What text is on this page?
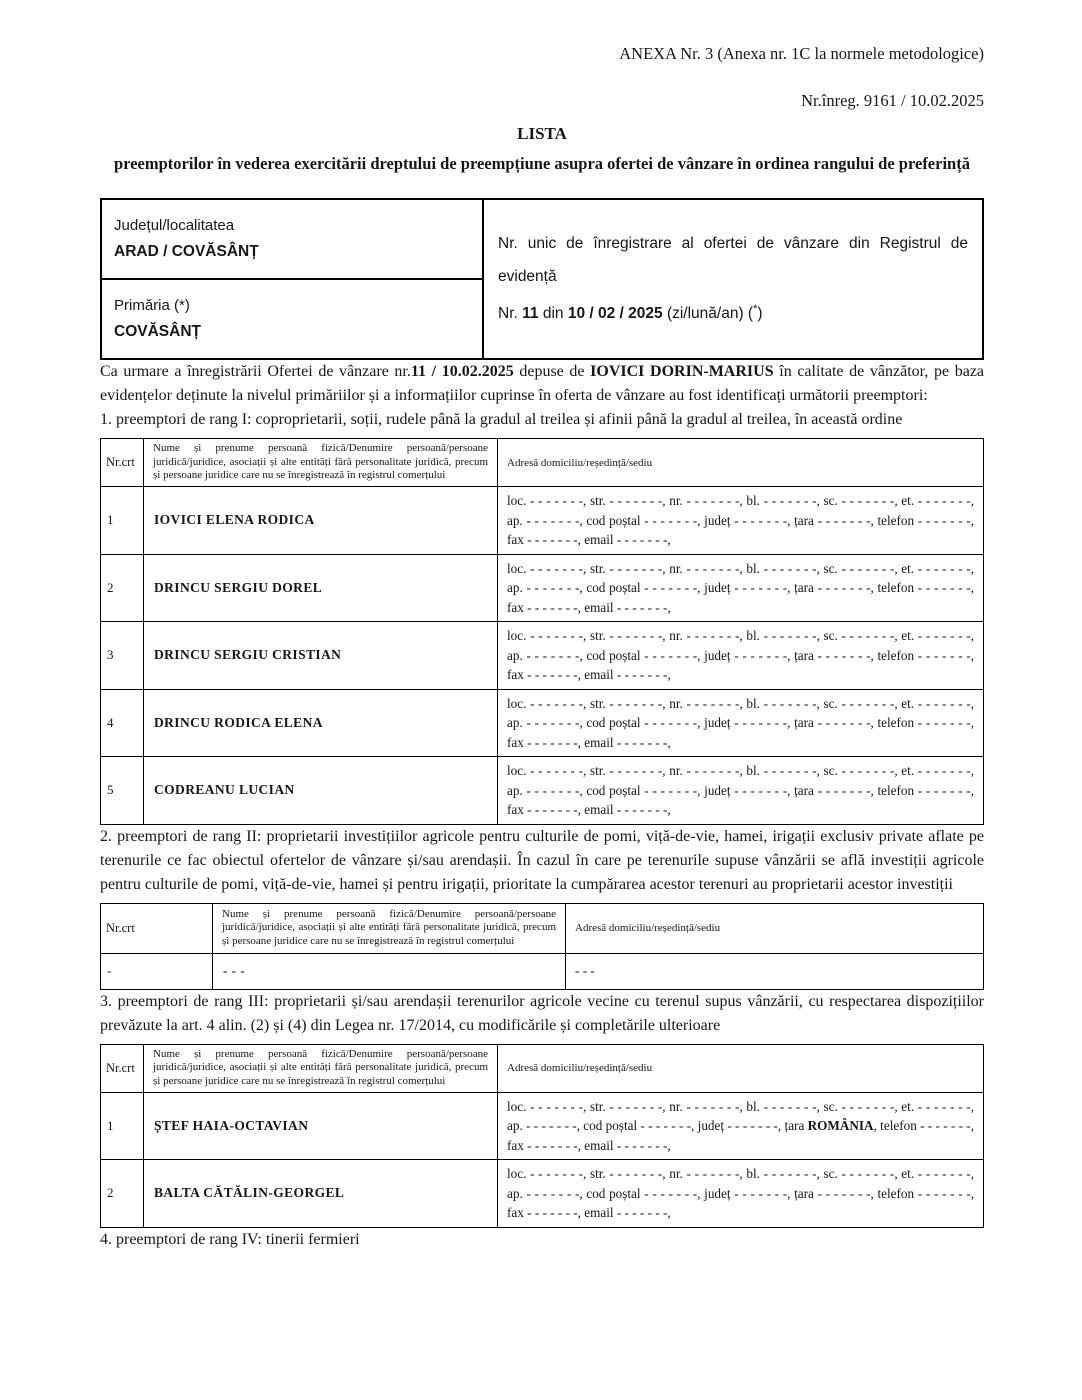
ANEXA Nr. 3 (Anexa nr. 1C la normele metodologice)
Nr.înreg. 9161 / 10.02.2025
LISTA
preemptorilor în vederea exercitării dreptului de preempțiune asupra ofertei de vânzare în ordinea rangului de preferință
Județul/localitatea
ARAD / COVĂSÂNȚ	Nr. unic de înregistrare al ofertei de vânzare din Registrul de evidență
Nr. 11 din 10 / 02 / 2025 (zi/lună/an) (*)

Primăria (*)
COVĂSÂNȚ

Ca urmare a înregistrării Ofertei de vânzare nr.11 / 10.02.2025 depuse de IOVICI DORIN-MARIUS în calitate de vânzător, pe baza evidențelor deținute la nivelul primăriilor și a informațiilor cuprinse în oferta de vânzare au fost identificați următorii preemptori:

1. preemptori de rang I: coproprietarii, soții, rudele până la gradul al treilea și afinii până la gradul al treilea, în această ordine

Nr.crt	Nume și prenume persoană fizică/Denumire persoană/persoane juridică/juridice, asociații și alte entități fără personalitate juridică, precum și persoane juridice care nu se înregistrează în registrul comerțului	Adresă domiciliu/reședință/sediu
1	IOVICI ELENA RODICA	loc. - - - - - - -, str. - - - - - - -, nr. - - - - - - -, bl. - - - - - - -, sc. - - - - - - -, et. - - - - - - -, ap. - - - - - - -, cod poștal - - - - - - -, județ - - - - - - -, țara - - - - - - -, telefon - - - - - - -, fax - - - - - - -, email - - - - - - -,
2	DRINCU SERGIU DOREL	loc. - - - - - - -, str. - - - - - - -, nr. - - - - - - -, bl. - - - - - - -, sc. - - - - - - -, et. - - - - - - -, ap. - - - - - - -, cod poștal - - - - - - -, județ - - - - - - -, țara - - - - - - -, telefon - - - - - - -, fax - - - - - - -, email - - - - - - -,
3	DRINCU SERGIU CRISTIAN	loc. - - - - - - -, str. - - - - - - -, nr. - - - - - - -, bl. - - - - - - -, sc. - - - - - - -, et. - - - - - - -, ap. - - - - - - -, cod poștal - - - - - - -, județ - - - - - - -, țara - - - - - - -, telefon - - - - - - -, fax - - - - - - -, email - - - - - - -,
4	DRINCU RODICA ELENA	loc. - - - - - - -, str. - - - - - - -, nr. - - - - - - -, bl. - - - - - - -, sc. - - - - - - -, et. - - - - - - -, ap. - - - - - - -, cod poștal - - - - - - -, județ - - - - - - -, țara - - - - - - -, telefon - - - - - - -, fax - - - - - - -, email - - - - - - -,
5	CODREANU LUCIAN	loc. - - - - - - -, str. - - - - - - -, nr. - - - - - - -, bl. - - - - - - -, sc. - - - - - - -, et. - - - - - - -, ap. - - - - - - -, cod poștal - - - - - - -, județ - - - - - - -, țara - - - - - - -, telefon - - - - - - -, fax - - - - - - -, email - - - - - - -,

2. preemptori de rang II: proprietarii investițiilor agricole pentru culturile de pomi, viță-de-vie, hamei, irigații exclusiv private aflate pe terenurile ce fac obiectul ofertelor de vânzare și/sau arendașii. În cazul în care pe terenurile supuse vânzării se află investiții agricole pentru culturile de pomi, viță-de-vie, hamei și pentru irigații, prioritate la cumpărarea acestor terenuri au proprietarii acestor investiții

Nr.crt	Nume și prenume persoană fizică/Denumire persoană/persoane juridică/juridice, asociații și alte entități fără personalitate juridică, precum și persoane juridice care nu se înregistrează în registrul comerțului	Adresă domiciliu/reședință/sediu
-	- - -	- - -

3. preemptori de rang III: proprietarii și/sau arendașii terenurilor agricole vecine cu terenul supus vânzării, cu respectarea dispozițiilor prevăzute la art. 4 alin. (2) și (4) din Legea nr. 17/2014, cu modificările și completările ulterioare

Nr.crt	Nume și prenume persoană fizică/Denumire persoană/persoane juridică/juridice, asociații și alte entități fără personalitate juridică, precum și persoane juridice care nu se înregistrează în registrul comerțului	Adresă domiciliu/reședință/sediu
1	ȘTEF HAIA-OCTAVIAN	loc. - - - - - - -, str. - - - - - - -, nr. - - - - - - -, bl. - - - - - - -, sc. - - - - - - -, et. - - - - - - -, ap. - - - - - - -, cod poștal - - - - - - -, județ - - - - - - -, țara ROMÂNIA, telefon - - - - - - -, fax - - - - - - -, email - - - - - - -,
2	BALTA CĂTĂLIN-GEORGEL	loc. - - - - - - -, str. - - - - - - -, nr. - - - - - - -, bl. - - - - - - -, sc. - - - - - - -, et. - - - - - - -, ap. - - - - - - -, cod poștal - - - - - - -, județ - - - - - - -, țara - - - - - - -, telefon - - - - - - -, fax - - - - - - -, email - - - - - - -,

4. preemptori de rang IV: tinerii fermieri
